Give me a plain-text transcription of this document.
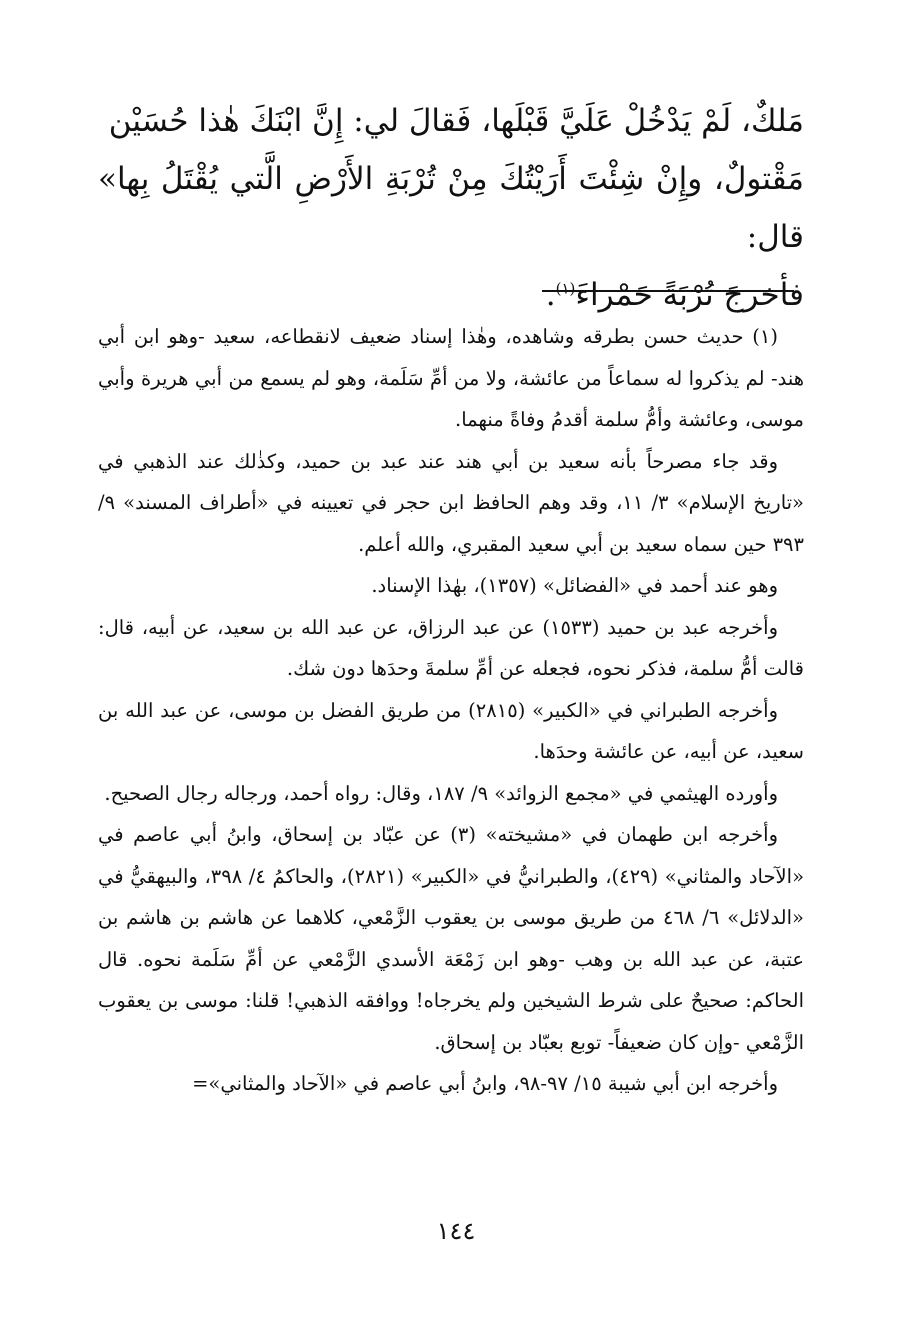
مَلكٌ، لَمْ يَدْخُلْ عَلَيَّ قَبْلَها، فَقالَ لي: إِنَّ ابْنَكَ هٰذا حُسَيْن

مَقْتولٌ، وإِنْ شِئْتَ أَرَيْتُكَ مِنْ تُرْبَةِ الأَرْضِ الَّتي يُقْتَلُ بِها» قال:

فأخرجَ تُرْبَةً حَمْراءَ$^{(١)}$.

(١) حديث حسن بطرقه وشاهده، وهٰذا إسناد ضعيف لانقطاعه، سعيد -وهو ابن أبي هند- لم يذكروا له سماعاً من عائشة، ولا من أمِّ سَلَمة، وهو لم يسمع من أبي هريرة وأبي موسى، وعائشة وأمُّ سلمة أقدمُ وفاةً منهما.

وقد جاء مصرحاً بأنه سعيد بن أبي هند عند عبد بن حميد، وكذٰلك عند الذهبي في «تاريخ الإسلام» ٣/ ١١، وقد وهم الحافظ ابن حجر في تعيينه في «أطراف المسند» ٩/ ٣٩٣ حين سماه سعيد بن أبي سعيد المقبري، والله أعلم.

وهو عند أحمد في «الفضائل» (١٣٥٧)، بهٰذا الإسناد.

وأخرجه عبد بن حميد (١٥٣٣) عن عبد الرزاق، عن عبد الله بن سعيد، عن أبيه، قال: قالت أمُّ سلمة، فذكر نحوه، فجعله عن أمِّ سلمةَ وحدَها دون شك.

وأخرجه الطبراني في «الكبير» (٢٨١٥) من طريق الفضل بن موسى، عن عبد الله بن سعيد، عن أبيه، عن عائشة وحدَها.

وأورده الهيثمي في «مجمع الزوائد» ٩/ ١٨٧، وقال: رواه أحمد، ورجاله رجال الصحيح.

وأخرجه ابن طهمان في «مشيخته» (٣) عن عبّاد بن إسحاق، وابنُ أبي عاصم في «الآحاد والمثاني» (٤٢٩)، والطبرانيُّ في «الكبير» (٢٨٢١)، والحاكمُ ٤/ ٣٩٨، والبيهقيُّ في «الدلائل» ٦/ ٤٦٨ من طريق موسى بن يعقوب الزَّمْعي، كلاهما عن هاشم بن هاشم بن عتبة، عن عبد الله بن وهب -وهو ابن زَمْعَة الأسدي الزَّمْعي عن أمِّ سَلَمة نحوه. قال الحاكم: صحيحٌ على شرط الشيخين ولم يخرجاه! ووافقه الذهبي! قلنا: موسى بن يعقوب الزَّمْعي -وإن كان ضعيفاً- توبع بعبّاد بن إسحاق.

وأخرجه ابن أبي شيبة ١٥/ ٩٧-٩٨، وابنُ أبي عاصم في «الآحاد والمثاني»=

١٤٤
